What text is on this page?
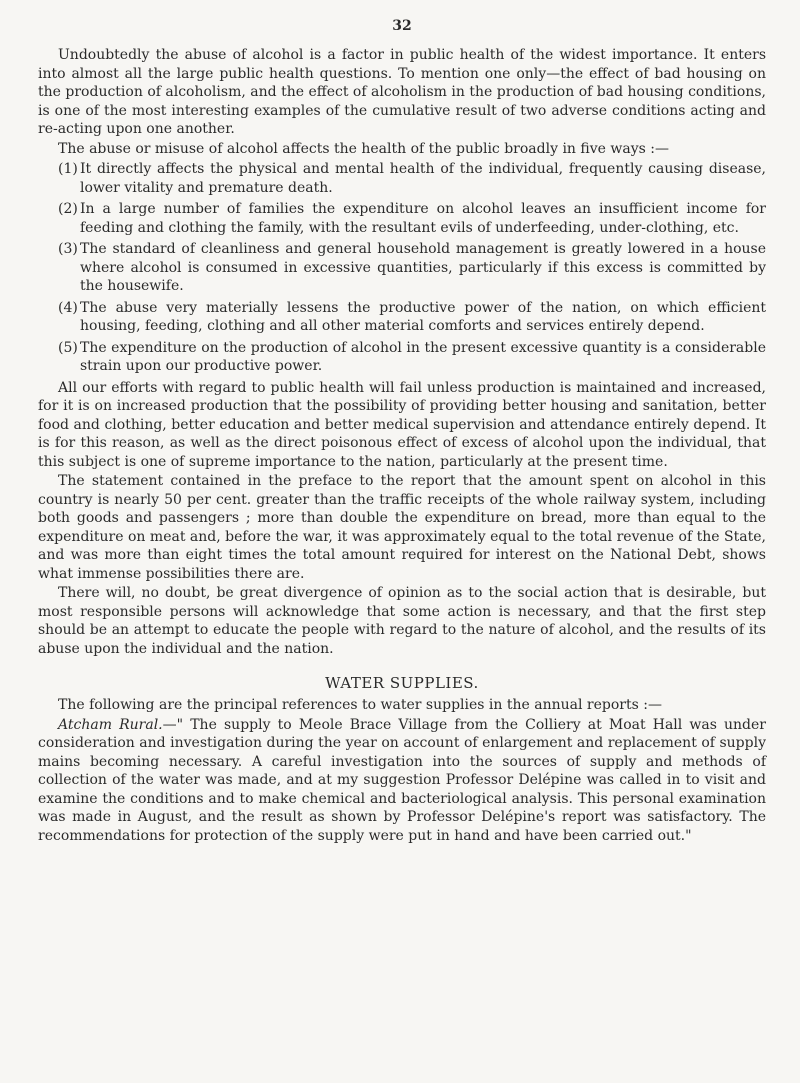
32

Undoubtedly the abuse of alcohol is a factor in public health of the widest importance. It enters into almost all the large public health questions. To mention one only—the effect of bad housing on the production of alcoholism, and the effect of alcoholism in the production of bad housing conditions, is one of the most interesting examples of the cumulative result of two adverse conditions acting and re-acting upon one another.

The abuse or misuse of alcohol affects the health of the public broadly in five ways :—

(1) It directly affects the physical and mental health of the individual, frequently causing disease, lower vitality and premature death.
(2) In a large number of families the expenditure on alcohol leaves an insufficient income for feeding and clothing the family, with the resultant evils of underfeeding, under-clothing, etc.
(3) The standard of cleanliness and general household management is greatly lowered in a house where alcohol is consumed in excessive quantities, particularly if this excess is committed by the housewife.
(4) The abuse very materially lessens the productive power of the nation, on which efficient housing, feeding, clothing and all other material comforts and services entirely depend.
(5) The expenditure on the production of alcohol in the present excessive quantity is a considerable strain upon our productive power.

All our efforts with regard to public health will fail unless production is maintained and increased, for it is on increased production that the possibility of providing better housing and sanitation, better food and clothing, better education and better medical supervision and attendance entirely depend. It is for this reason, as well as the direct poisonous effect of excess of alcohol upon the individual, that this subject is one of supreme importance to the nation, particularly at the present time.

The statement contained in the preface to the report that the amount spent on alcohol in this country is nearly 50 per cent. greater than the traffic receipts of the whole railway system, including both goods and passengers ; more than double the expenditure on bread, more than equal to the expenditure on meat and, before the war, it was approximately equal to the total revenue of the State, and was more than eight times the total amount required for interest on the National Debt, shows what immense possibilities there are.

There will, no doubt, be great divergence of opinion as to the social action that is desirable, but most responsible persons will acknowledge that some action is necessary, and that the first step should be an attempt to educate the people with regard to the nature of alcohol, and the results of its abuse upon the individual and the nation.

WATER SUPPLIES.

The following are the principal references to water supplies in the annual reports :—

Atcham Rural.—" The supply to Meole Brace Village from the Colliery at Moat Hall was under consideration and investigation during the year on account of enlargement and replacement of supply mains becoming necessary. A careful investigation into the sources of supply and methods of collection of the water was made, and at my suggestion Professor Delépine was called in to visit and examine the conditions and to make chemical and bacteriological analysis. This personal examination was made in August, and the result as shown by Professor Delépine's report was satisfactory. The recommendations for protection of the supply were put in hand and have been carried out."
